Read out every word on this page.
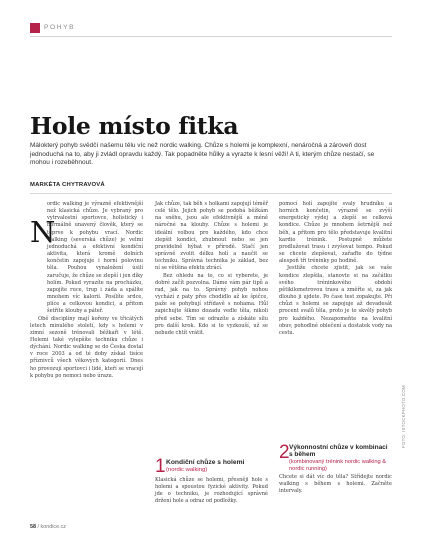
POHYB
Hole místo fitka
Málokterý pohyb svědčí našemu tělu víc než nordic walking. Chůze s holemi je komplexní, nenáročná a zároveň dost jednoduchá na to, aby ji zvládl opravdu každý. Tak popadněte hůlky a vyrazte k lesní věži! A ti, kterým chůze nestačí, se mohou i rozeběhnout.
MARKÉTA CHYTRAVOVÁ
N

ordic walking je výrazně efektivnější než klasická chůze. Je vybraný pro vytrvalostní sportovce, holistický i normálně unavený člověk, který se teprve k pohybu vrací. Nordic walking (severská chůze) je velmi jednoduchá a efektivní kondiční aktivita, která kromě dolních končetin zapojuje i horní polovinu těla. Pouhou vynaložení úsilí zaručuje, že chůze se zlepší i jen díky holím. Pokud vyrazíte na procházku, zapojíte ruce, trup i záda a spálíte mnohem víc kalorií. Posílíte srdce, plíce a celkovou kondici, a přitom šetříte klouby a páteř.

Obě disciplíny mají kořeny ve třicátých letech minulého století, kdy s holemi v zimní sezoně trénovali běžkaři v létě. Holemi také vylepšíte techniku chůze i dýchání. Nordic walking se do Česka dostal v roce 2003 a od té doby získal tisíce příznivců všech věkových kategorií. Dnes ho provozují sportovci i lidé, kteří se vracejí k pohybu po nemoci nebo úrazu.

Jak chůze, tak běh s holkami zapojují téměř celé tělo. Jejich pohyb se podobá běžkám na sněhu, jsou ale efektivnější a méně náročné na klouby. Chůze s holemi je ideální volbou pro každého, kdo chce zlepšit kondici, zhubnout nebo se jen pravidelně hýbat v přírodě. Stačí jen správně zvolit délku holí a naučit se techniku. Správná technika je základ, bez ní se většina efektu ztrácí.

Bez ohledu na to, co si vyberete, je dobré začít pozvolna. Dáme vám pár tipů a rad, jak na to. Správný pohyb nohou vychází z paty přes chodidlo až ke špičce, paže se pohybují střídavě s nohama. Hůl zapichujte šikmo dozadu vedle těla, nikoli před sebe. Tím se odrazíte a získáte sílu pro další krok. Kdo si to vyzkouší, už se nebude chtít vrátit.

1 Kondiční chůze s holemi
(nordic walking)

Klasická chůze se holemi, přesněji hole s holemi a spoustou fyzické aktivity. Pokud jde o techniku, je rozhodující správné držení hole a odraz od podložky.

pomocí holí zapojíte svaly hrudníku a horních končetin, výrazně se zvýší energetický výdej a zlepší se celková kondice. Chůze je mnohem šetrnější než běh, a přitom pro tělo představuje kvalitní kardio trénink. Postupně můžete prodlužovat trasu i zvyšovat tempo. Pokud se chcete zlepšovat, zařaďte do týdne alespoň tři tréninky po hodině.

Jestliže chcete zjistit, jak se vaše kondice zlepšila, stanovte si na začátku svého tréninkového období pětikilometrovou trasu a změřte si, za jak dlouho ji ujdete. Po čase test zopakujte. Při chůzi s holemi se zapojuje až devadesát procent svalů těla, proto je to skvělý pohyb pro každého. Nezapomeňte na kvalitní obuv, pohodlné oblečení a dostatek vody na cestu.

2 Výkonnostní chůze v kombinaci s během
(kombinovaný trénink nordic walking & nordic running)

Chcete si dát víc do těla? Střídejte nordic walking s během s holemi. Začněte intervaly.

FOTO: ISTOCKPHOTO.COM
58 / kondice.cz
